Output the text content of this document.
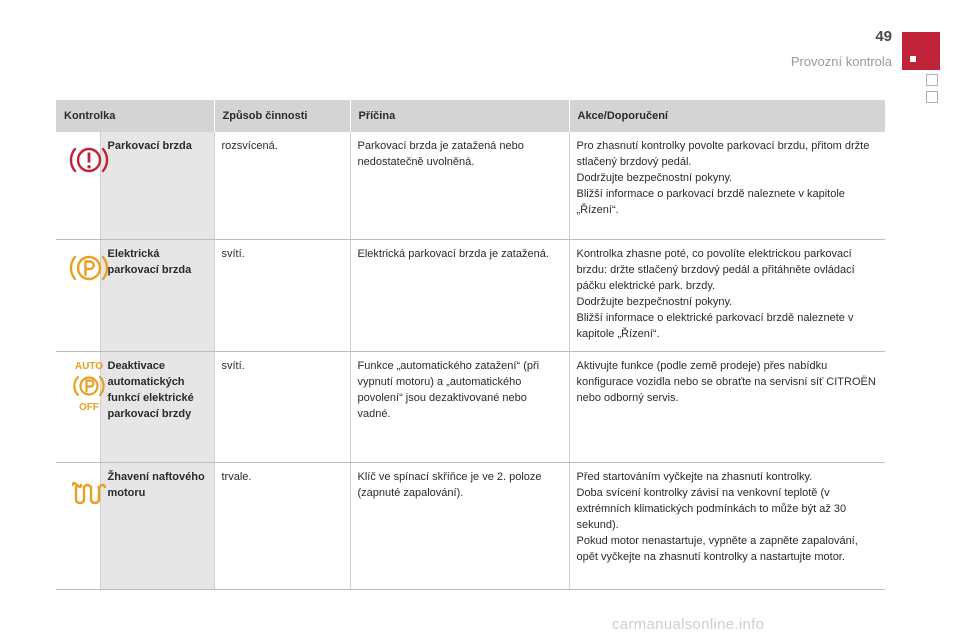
49
Provozní kontrola
Kontrolka		Způsob činnosti	Příčina	Akce/Doporučení
	Parkovací brzda	rozsvícená.	Parkovací brzda je zatažená nebo nedostatečně uvolněná.	Pro zhasnutí kontrolky povolte parkovací brzdu, přitom držte stlačený brzdový pedál.
Dodržujte bezpečnostní pokyny.
Bližší informace o parkovací brzdě naleznete v kapitole „Řízení“.
	Elektrická parkovací brzda	svítí.	Elektrická parkovací brzda je zatažená.	Kontrolka zhasne poté, co povolíte elektrickou parkovací brzdu: držte stlačený brzdový pedál a přitáhněte ovládací páčku elektrické park. brzdy.
Dodržujte bezpečnostní pokyny.
Bližší informace o elektrické parkovací brzdě naleznete v kapitole „Řízení“.

AUTO
OFF	Deaktivace automatických funkcí elektrické parkovací brzdy	svítí.	Funkce „automatického zatažení“ (při vypnutí motoru) a „automatického povolení“ jsou dezaktivované nebo vadné.	Aktivujte funkce (podle země prodeje) přes nabídku konfigurace vozidla nebo se obraťte na servisní síť CITROËN nebo odborný servis.
	Žhavení naftového motoru	trvale.	Klíč ve spínací skříňce je ve 2. poloze (zapnuté zapalování).	Před startováním vyčkejte na zhasnutí kontrolky.
Doba svícení kontrolky závisí na venkovní teplotě (v extrémních klimatických podmínkách to může být až 30 sekund).
Pokud motor nenastartuje, vypněte a zapněte zapalování, opět vyčkejte na zhasnutí kontrolky a nastartujte motor.
carmanualsonline.info
